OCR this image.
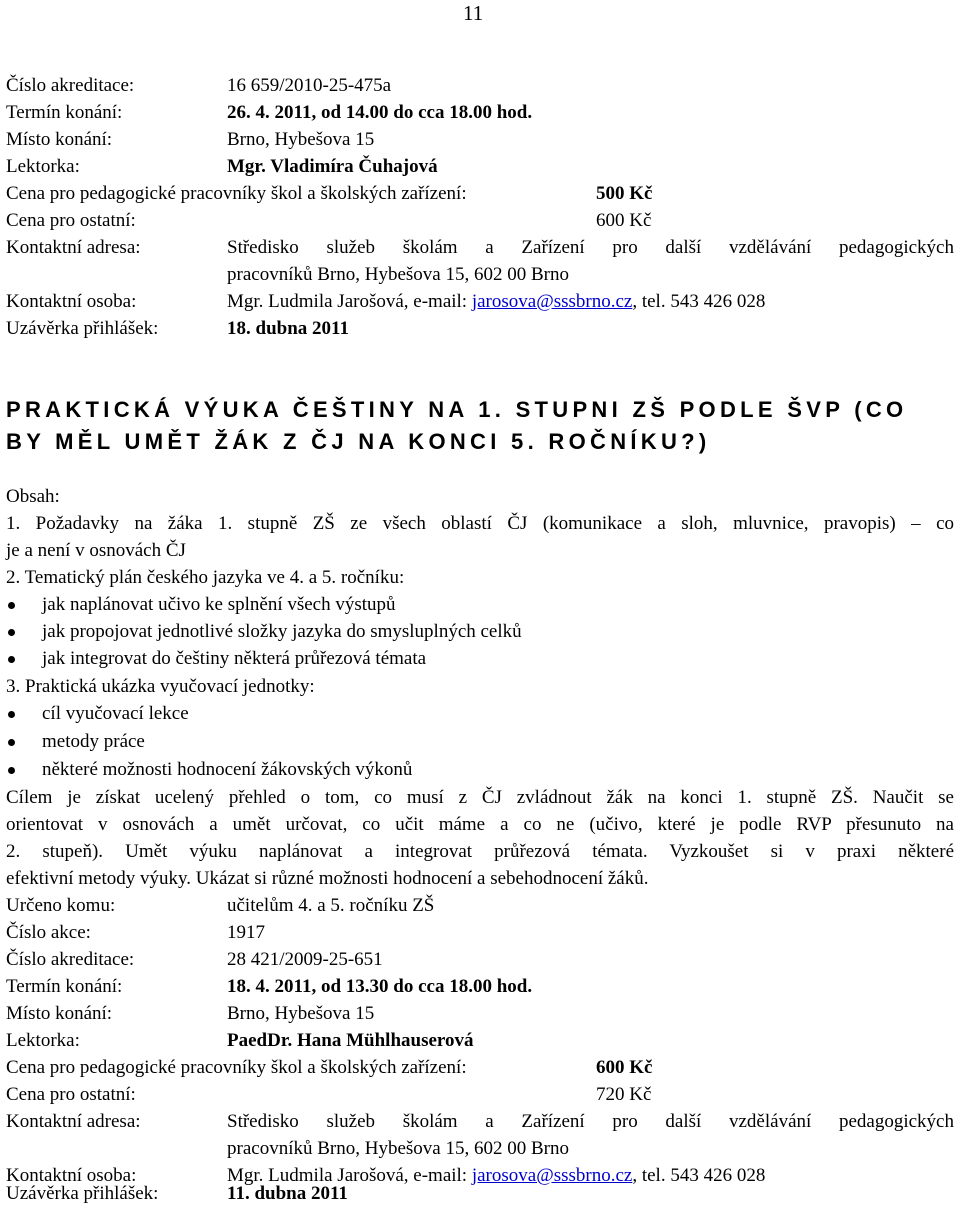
11
Číslo akreditace:	16 659/2010-25-475a
Termín konání:	26. 4. 2011, od 14.00 do cca 18.00 hod.
Místo konání:	Brno, Hybešova 15
Lektorka:	Mgr. Vladimíra Čuhajová
Cena pro pedagogické pracovníky škol a školských zařízení:	500 Kč
Cena pro ostatní:	600 Kč
Kontaktní adresa:	Středisko služeb školám a Zařízení pro další vzdělávání pedagogických
pracovníků Brno, Hybešova 15, 602 00 Brno
Kontaktní osoba:	Mgr. Ludmila Jarošová, e-mail: jarosova@sssbrno.cz, tel. 543 426 028
Uzávěrka přihlášek:	18. dubna 2011
PRAKTICKÁ VÝUKA ČEŠTINY NA 1. STUPNI ZŠ PODLE ŠVP (CO
BY MĚL UMĚT ŽÁK Z ČJ NA KONCI 5. ROČNÍKU?)
Obsah:
1. Požadavky na žáka 1. stupně ZŠ ze všech oblastí ČJ (komunikace a sloh, mluvnice, pravopis) – co
je a není v osnovách ČJ
2. Tematický plán českého jazyka ve 4. a 5. ročníku:
jak naplánovat učivo ke splnění všech výstupů
jak propojovat jednotlivé složky jazyka do smysluplných celků
jak integrovat do češtiny některá průřezová témata
3. Praktická ukázka vyučovací jednotky:
cíl vyučovací lekce
metody práce
některé možnosti hodnocení žákovských výkonů
Cílem je získat ucelený přehled o tom, co musí z ČJ zvládnout žák na konci 1. stupně ZŠ. Naučit se
orientovat v osnovách a umět určovat, co učit máme a co ne (učivo, které je podle RVP přesunuto na
2. stupeň). Umět výuku naplánovat a integrovat průřezová témata. Vyzkoušet si v praxi některé
efektivní metody výuky. Ukázat si různé možnosti hodnocení a sebehodnocení žáků.
Určeno komu:	učitelům 4. a 5. ročníku ZŠ
Číslo akce:	1917
Číslo akreditace:	28 421/2009-25-651
Termín konání:	18. 4. 2011, od 13.30 do cca 18.00 hod.
Místo konání:	Brno, Hybešova 15
Lektorka:	PaedDr. Hana Mühlhauserová
Cena pro pedagogické pracovníky škol a školských zařízení:	600 Kč
Cena pro ostatní:	720 Kč
Kontaktní adresa:	Středisko služeb školám a Zařízení pro další vzdělávání pedagogických
pracovníků Brno, Hybešova 15, 602 00 Brno
Kontaktní osoba:	Mgr. Ludmila Jarošová, e-mail: jarosova@sssbrno.cz, tel. 543 426 028
Uzávěrka přihlášek:	11. dubna 2011
